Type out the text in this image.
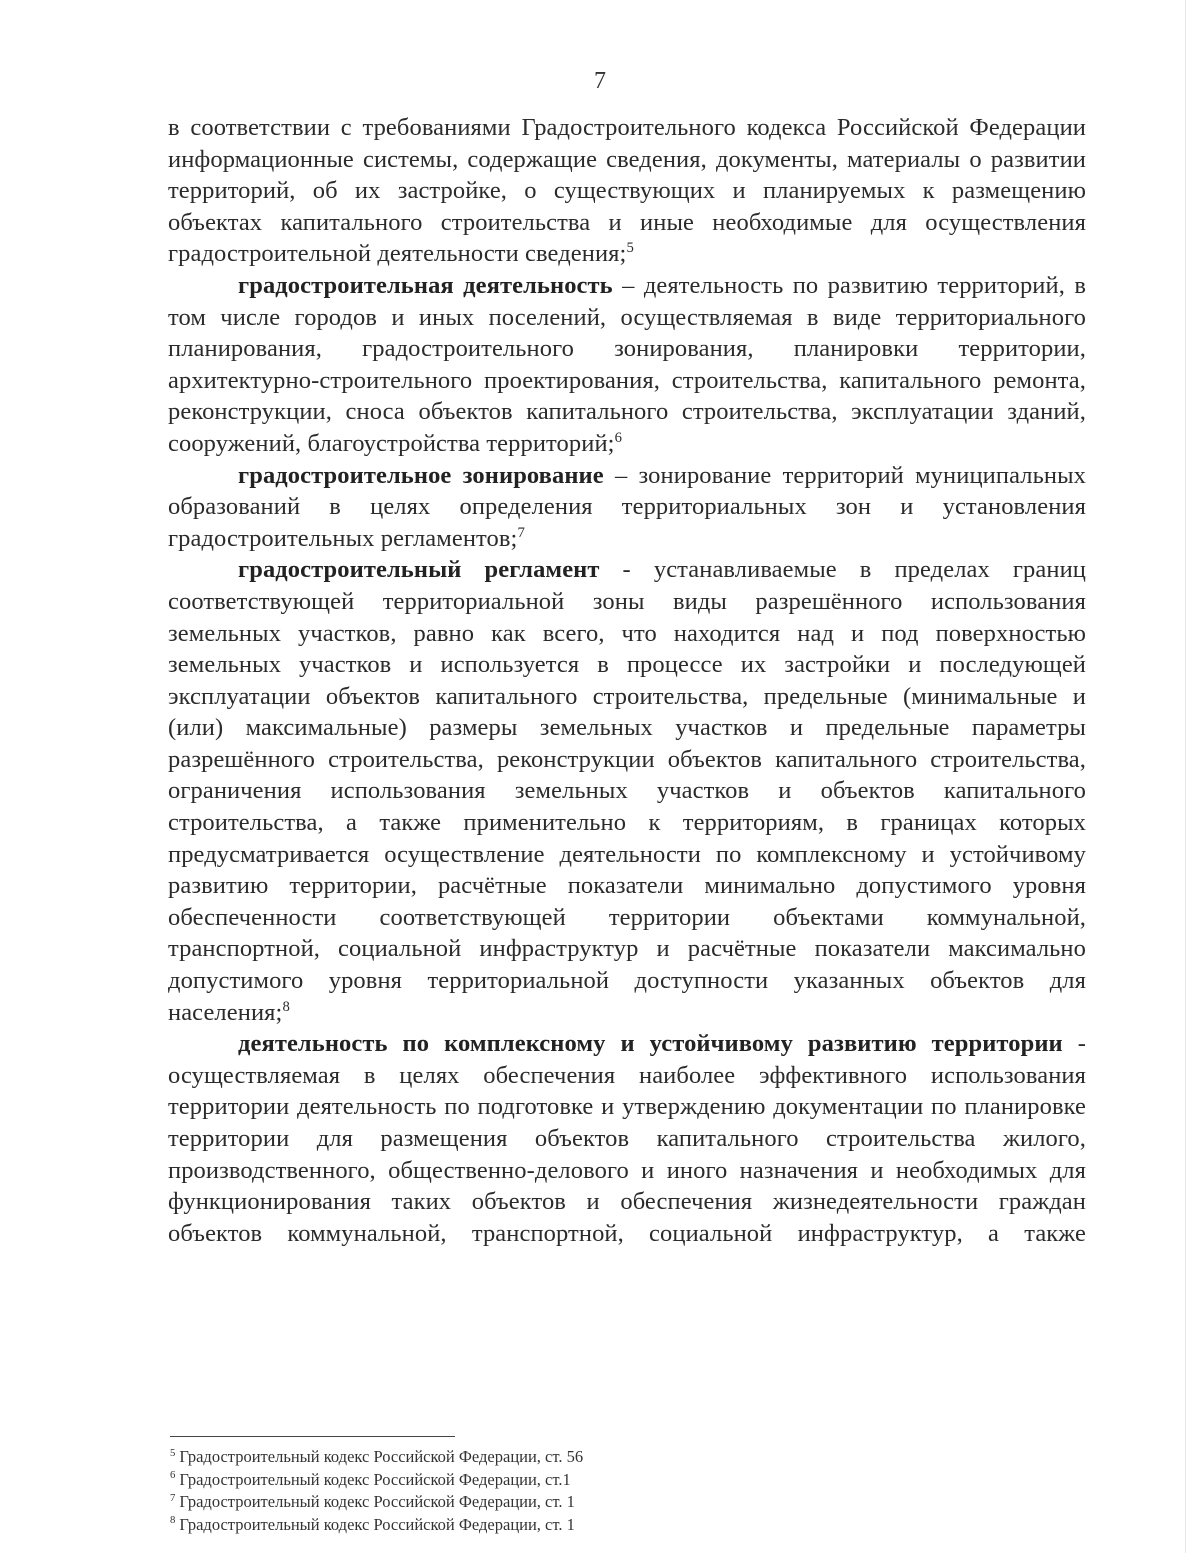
7

в соответствии с требованиями Градостроительного кодекса Российской Федерации информационные системы, содержащие сведения, документы, материалы о развитии территорий, об их застройке, о существующих и планируемых к размещению объектах капитального строительства и иные необходимые для осуществления градостроительной деятельности сведения;$^5$

градостроительная деятельность – деятельность по развитию территорий, в том числе городов и иных поселений, осуществляемая в виде территориального планирования, градостроительного зонирования, планировки территории, архитектурно-строительного проектирования, строительства, капитального ремонта, реконструкции, сноса объектов капитального строительства, эксплуатации зданий, сооружений, благоустройства территорий;$^6$

градостроительное зонирование – зонирование территорий муниципальных образований в целях определения территориальных зон и установления градостроительных регламентов;$^7$

градостроительный регламент - устанавливаемые в пределах границ соответствующей территориальной зоны виды разрешённого использования земельных участков, равно как всего, что находится над и под поверхностью земельных участков и используется в процессе их застройки и последующей эксплуатации объектов капитального строительства, предельные (минимальные и (или) максимальные) размеры земельных участков и предельные параметры разрешённого строительства, реконструкции объектов капитального строительства, ограничения использования земельных участков и объектов капитального строительства, а также применительно к территориям, в границах которых предусматривается осуществление деятельности по комплексному и устойчивому развитию территории, расчётные показатели минимально допустимого уровня обеспеченности соответствующей территории объектами коммунальной, транспортной, социальной инфраструктур и расчётные показатели максимально допустимого уровня территориальной доступности указанных объектов для населения;$^8$

деятельность по комплексному и устойчивому развитию территории - осуществляемая в целях обеспечения наиболее эффективного использования территории деятельность по подготовке и утверждению документации по планировке территории для размещения объектов капитального строительства жилого, производственного, общественно-делового и иного назначения и необходимых для функционирования таких объектов и обеспечения жизнедеятельности граждан объектов коммунальной, транспортной, социальной инфраструктур, а также

$^5$ Градостроительный кодекс Российской Федерации, ст. 56
$^6$ Градостроительный кодекс Российской Федерации, ст.1
$^7$ Градостроительный кодекс Российской Федерации, ст. 1
$^8$ Градостроительный кодекс Российской Федерации, ст. 1
